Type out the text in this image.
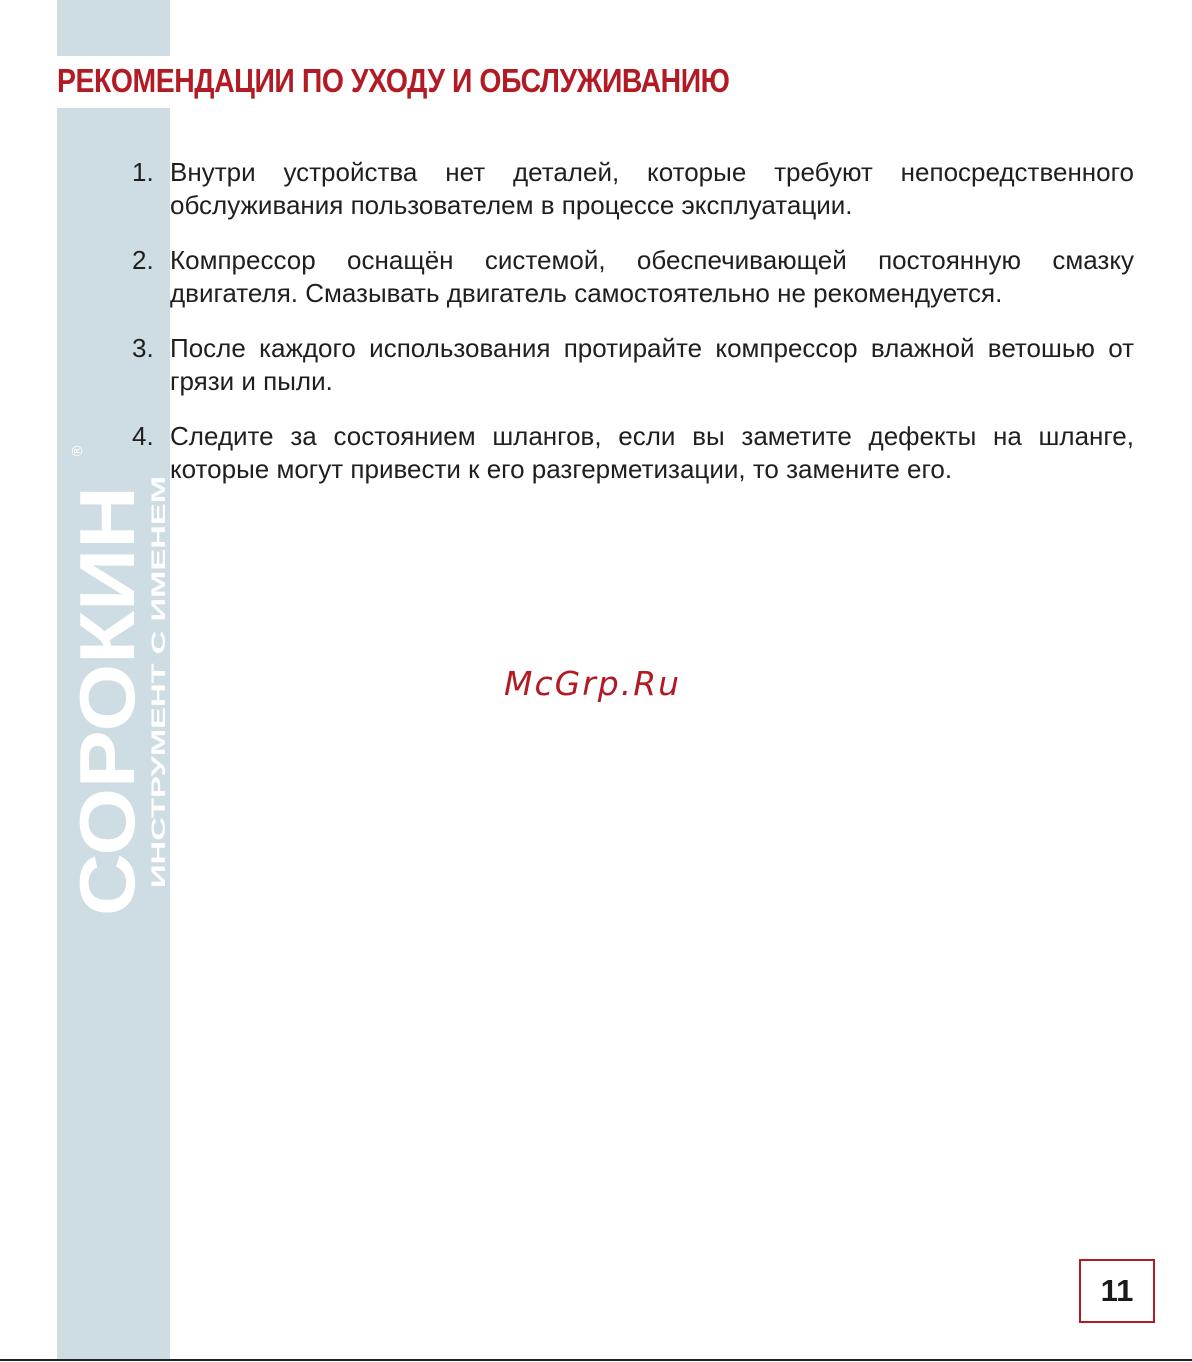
РЕКОМЕНДАЦИИ ПО УХОДУ И ОБСЛУЖИВАНИЮ
1. Внутри устройства нет деталей, которые требуют непосредственного обслуживания пользователем в процессе эксплуатации.
2. Компрессор оснащён системой, обеспечивающей постоянную смазку двигателя. Смазывать двигатель самостоятельно не рекомендуется.
3. После каждого использования протирайте компрессор влажной ветошью от грязи и пыли.
4. Следите за состоянием шлангов, если вы заметите дефекты на шланге, которые могут привести к его разгерметизации, то замените его.
СОРОКИН
ИНСТРУМЕНТ С ИМЕНЕМ
®
McGrp.Ru
11
